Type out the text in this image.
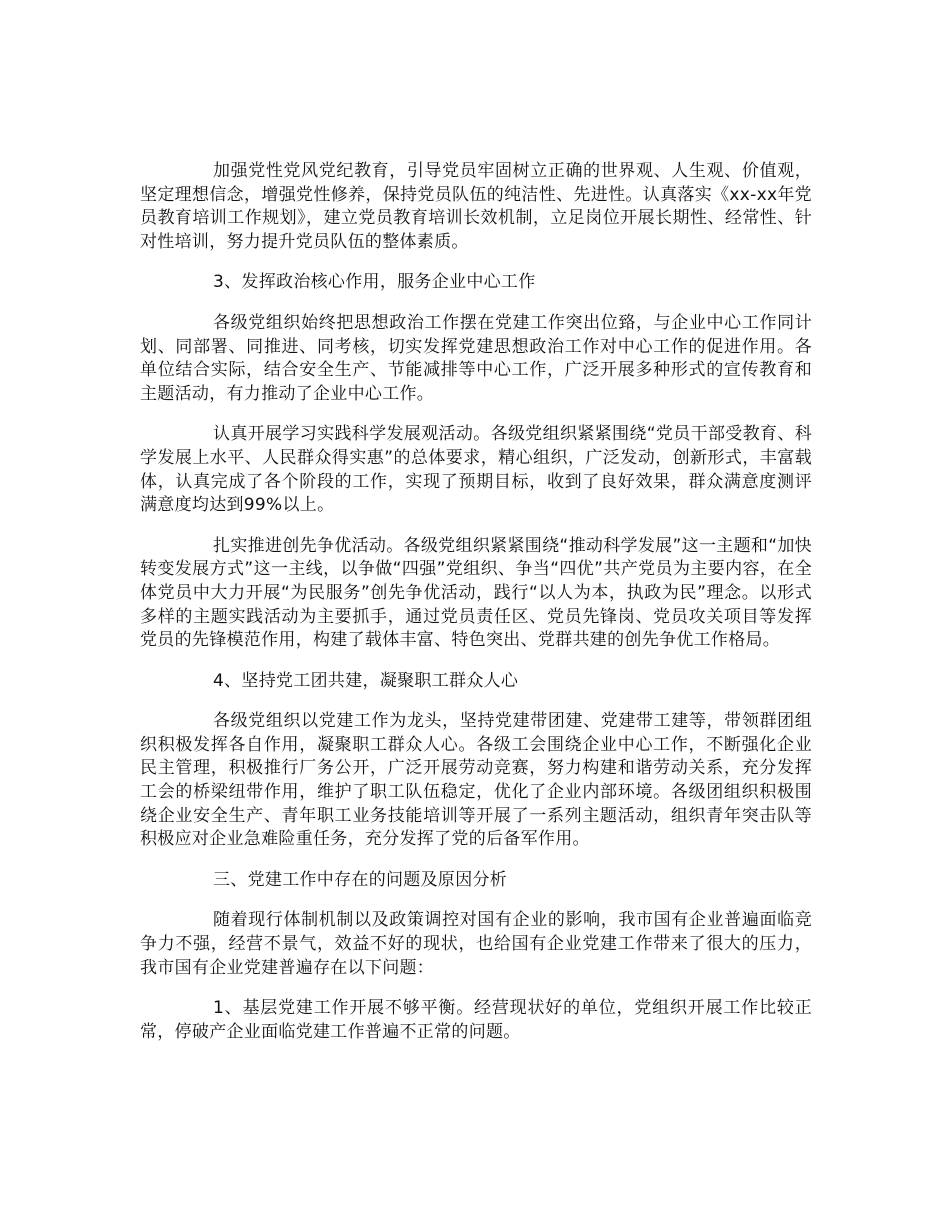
加强党性党风党纪教育，引导党员牢固树立正确的世界观、人生观、价值观，坚定理想信念，增强党性修养，保持党员队伍的纯洁性、先进性。认真落实《xx-xx年党员教育培训工作规划》，建立党员教育培训长效机制，立足岗位开展长期性、经常性、针对性培训，努力提升党员队伍的整体素质。

3、发挥政治核心作用，服务企业中心工作

各级党组织始终把思想政治工作摆在党建工作突出位臵，与企业中心工作同计划、同部署、同推进、同考核，切实发挥党建思想政治工作对中心工作的促进作用。各单位结合实际，结合安全生产、节能减排等中心工作，广泛开展多种形式的宣传教育和主题活动，有力推动了企业中心工作。

认真开展学习实践科学发展观活动。各级党组织紧紧围绕“党员干部受教育、科学发展上水平、人民群众得实惠”的总体要求，精心组织，广泛发动，创新形式，丰富载体，认真完成了各个阶段的工作，实现了预期目标，收到了良好效果，群众满意度测评满意度均达到99%以上。

扎实推进创先争优活动。各级党组织紧紧围绕“推动科学发展”这一主题和“加快转变发展方式”这一主线，以争做“四强”党组织、争当“四优”共产党员为主要内容，在全体党员中大力开展“为民服务”创先争优活动，践行“以人为本，执政为民”理念。以形式多样的主题实践活动为主要抓手，通过党员责任区、党员先锋岗、党员攻关项目等发挥党员的先锋模范作用，构建了载体丰富、特色突出、党群共建的创先争优工作格局。

4、坚持党工团共建，凝聚职工群众人心

各级党组织以党建工作为龙头，坚持党建带团建、党建带工建等，带领群团组织积极发挥各自作用，凝聚职工群众人心。各级工会围绕企业中心工作，不断强化企业民主管理，积极推行厂务公开，广泛开展劳动竞赛，努力构建和谐劳动关系，充分发挥工会的桥梁纽带作用，维护了职工队伍稳定，优化了企业内部环境。各级团组织积极围绕企业安全生产、青年职工业务技能培训等开展了一系列主题活动，组织青年突击队等积极应对企业急难险重任务，充分发挥了党的后备军作用。

三、党建工作中存在的问题及原因分析

随着现行体制机制以及政策调控对国有企业的影响，我市国有企业普遍面临竞争力不强，经营不景气，效益不好的现状，也给国有企业党建工作带来了很大的压力，我市国有企业党建普遍存在以下问题：

1、基层党建工作开展不够平衡。经营现状好的单位，党组织开展工作比较正常，停破产企业面临党建工作普遍不正常的问题。
